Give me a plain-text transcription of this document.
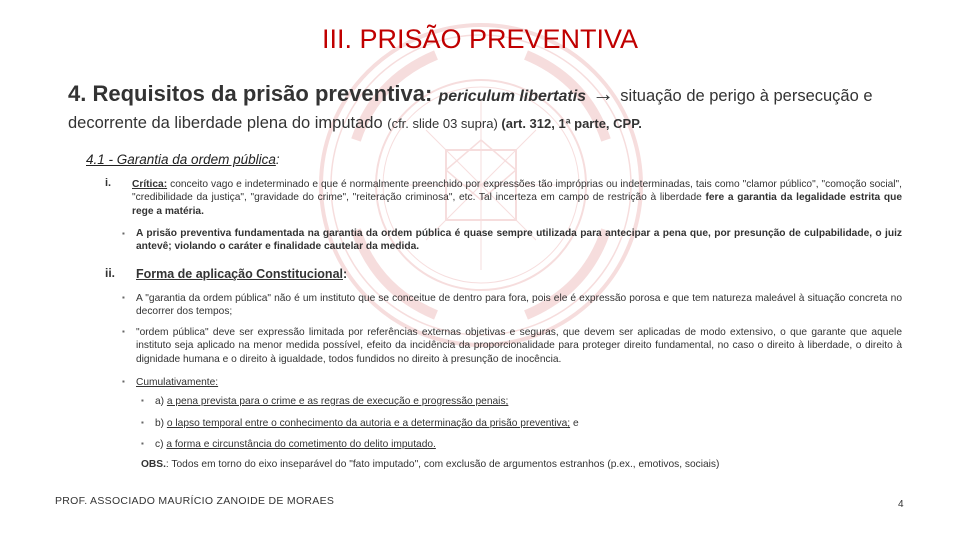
III. PRISÃO PREVENTIVA
4. Requisitos da prisão preventiva: periculum libertatis → situação de perigo à persecução e decorrente da liberdade plena do imputado (cfr. slide 03 supra) (art. 312, 1ª parte, CPP.
4.1 - Garantia da ordem pública:
i. Crítica: conceito vago e indeterminado e que é normalmente preenchido por expressões tão impróprias ou indeterminadas, tais como "clamor público", "comoção social", "credibilidade da justiça", "gravidade do crime", "reiteração criminosa", etc. Tal incerteza em campo de restrição à liberdade fere a garantia da legalidade estrita que rege a matéria.
▪ A prisão preventiva fundamentada na garantia da ordem pública é quase sempre utilizada para antecipar a pena que, por presunção de culpabilidade, o juiz antevê; violando o caráter e finalidade cautelar da medida.
ii. Forma de aplicação Constitucional:
▪ A "garantia da ordem pública" não é um instituto que se conceitue de dentro para fora, pois ele é expressão porosa e que tem natureza maleável à situação concreta no decorrer dos tempos;
▪ "ordem pública" deve ser expressão limitada por referências externas objetivas e seguras, que devem ser aplicadas de modo extensivo, o que garante que aquele instituto seja aplicado na menor medida possível, efeito da incidência da proporcionalidade para proteger direito fundamental, no caso o direito à liberdade, o direito à dignidade humana e o direito à igualdade, todos fundidos no direito à presunção de inocência.
▪ Cumulativamente:
▪ a) a pena prevista para o crime e as regras de execução e progressão penais;
▪ b) o lapso temporal entre o conhecimento da autoria e a determinação da prisão preventiva; e
▪ c) a forma e circunstância do cometimento do delito imputado.
OBS.: Todos em torno do eixo inseparável do "fato imputado", com exclusão de argumentos estranhos (p.ex., emotivos, sociais)
PROF. ASSOCIADO MAURÍCIO ZANOIDE DE MORAES	4
